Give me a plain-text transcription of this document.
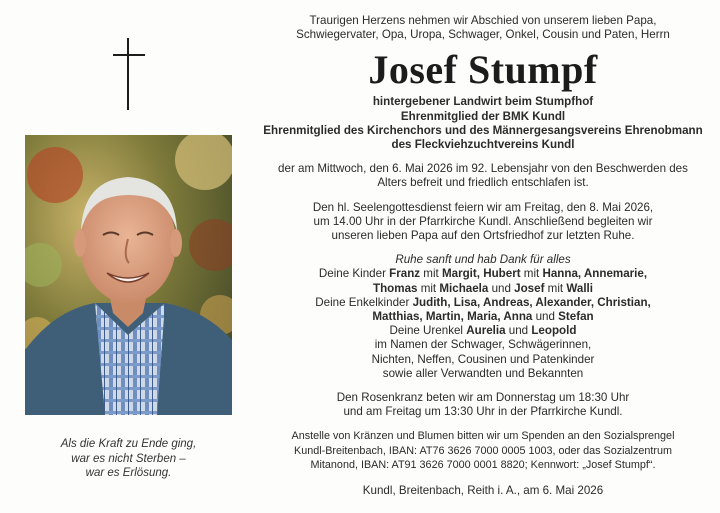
Als die Kraft zu Ende ging,
war es nicht Sterben –
war es Erlösung.
Traurigen Herzens nehmen wir Abschied von unserem lieben Papa,
Schwiegervater, Opa, Uropa, Schwager, Onkel, Cousin und Paten, Herrn
Josef Stumpf
hintergebener Landwirt beim Stumpfhof
Ehrenmitglied der BMK Kundl
Ehrenmitglied des Kirchenchors und des Männergesangsvereins Ehrenobmann
des Fleckviehzuchtvereins Kundl
der am Mittwoch, den 6. Mai 2026 im 92. Lebensjahr von den Beschwerden des
Alters befreit und friedlich entschlafen ist.
Den hl. Seelengottesdienst feiern wir am Freitag, den 8. Mai 2026,
um 14.00 Uhr in der Pfarrkirche Kundl. Anschließend begleiten wir
unseren lieben Papa auf den Ortsfriedhof zur letzten Ruhe.
Ruhe sanft und hab Dank für alles
Deine Kinder Franz mit Margit, Hubert mit Hanna, Annemarie,
Thomas mit Michaela und Josef mit Walli
Deine Enkelkinder Judith, Lisa, Andreas, Alexander, Christian,
Matthias, Martin, Maria, Anna und Stefan
Deine Urenkel Aurelia und Leopold
im Namen der Schwager, Schwägerinnen,
Nichten, Neffen, Cousinen und Patenkinder
sowie aller Verwandten und Bekannten
Den Rosenkranz beten wir am Donnerstag um 18:30 Uhr
und am Freitag um 13:30 Uhr in der Pfarrkirche Kundl.
Anstelle von Kränzen und Blumen bitten wir um Spenden an den Sozialsprengel
Kundl-Breitenbach, IBAN: AT76 3626 7000 0005 1003, oder das Sozialzentrum
Mitanond, IBAN: AT91 3626 7000 0001 8820; Kennwort: „Josef Stumpf“.
Kundl, Breitenbach, Reith i. A., am 6. Mai 2026
